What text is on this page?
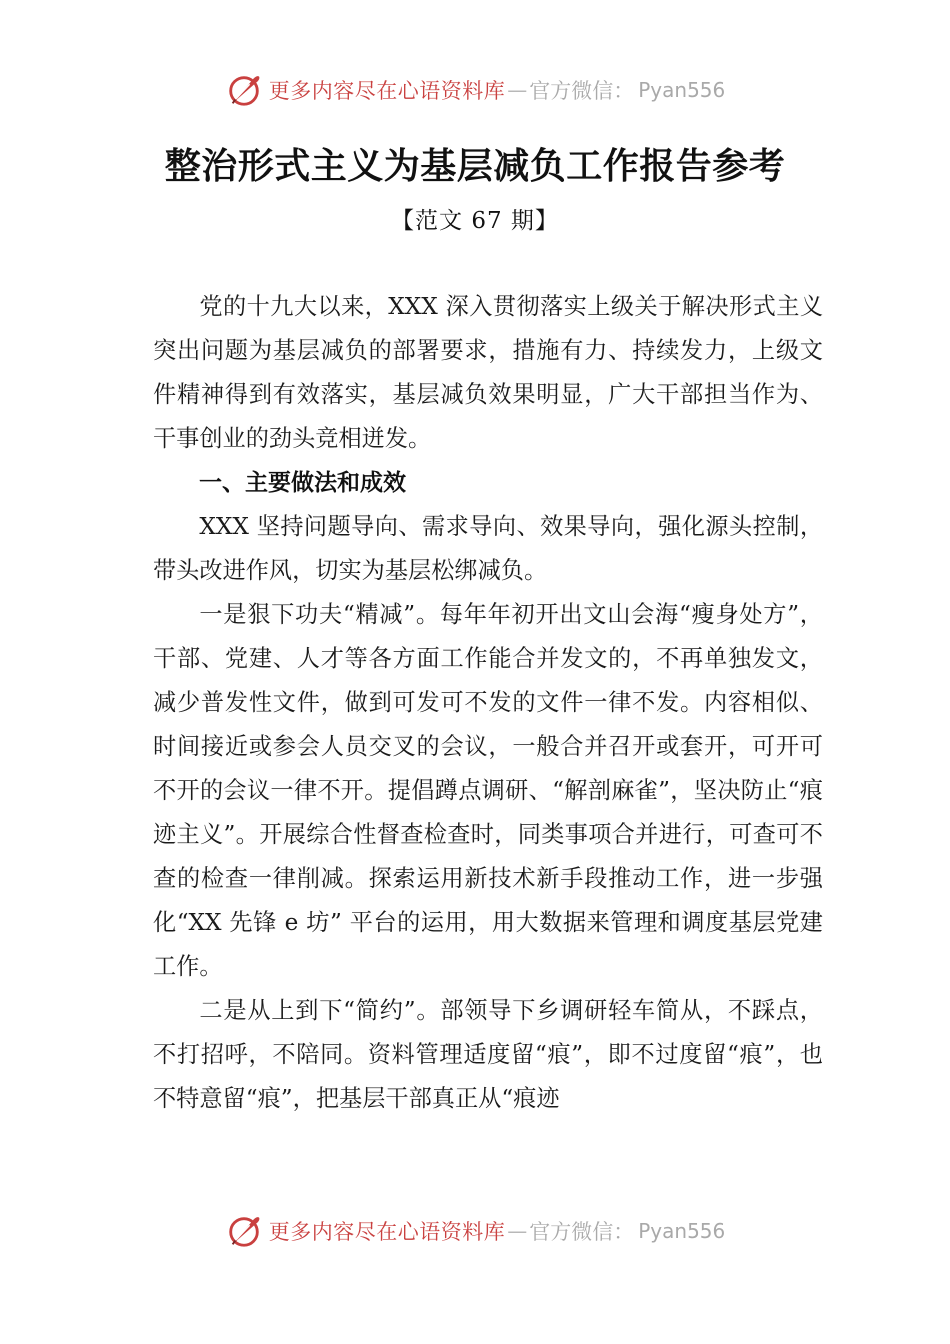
更多内容尽在心语资料库 — 官方微信： Pyan556
整治形式主义为基层减负工作报告参考
【范文 67 期】

党的十九大以来，XXX 深入贯彻落实上级关于解决形式主义突出问题为基层减负的部署要求，措施有力、持续发力，上级文件精神得到有效落实，基层减负效果明显，广大干部担当作为、干事创业的劲头竞相迸发。

一、主要做法和成效

XXX 坚持问题导向、需求导向、效果导向，强化源头控制，带头改进作风，切实为基层松绑减负。

一是狠下功夫“精减”。每年年初开出文山会海“瘦身处方”，干部、党建、人才等各方面工作能合并发文的，不再单独发文，减少普发性文件，做到可发可不发的文件一律不发。内容相似、时间接近或参会人员交叉的会议，一般合并召开或套开，可开可不开的会议一律不开。提倡蹲点调研、“解剖麻雀”，坚决防止“痕迹主义”。开展综合性督查检查时，同类事项合并进行，可查可不查的检查一律削减。探索运用新技术新手段推动工作，进一步强化“XX 先锋 e 坊” 平台的运用，用大数据来管理和调度基层党建工作。

二是从上到下“简约”。部领导下乡调研轻车简从，不踩点，不打招呼，不陪同。资料管理适度留“痕”，即不过度留“痕”，也不特意留“痕”，把基层干部真正从“痕迹

更多内容尽在心语资料库 — 官方微信： Pyan556
